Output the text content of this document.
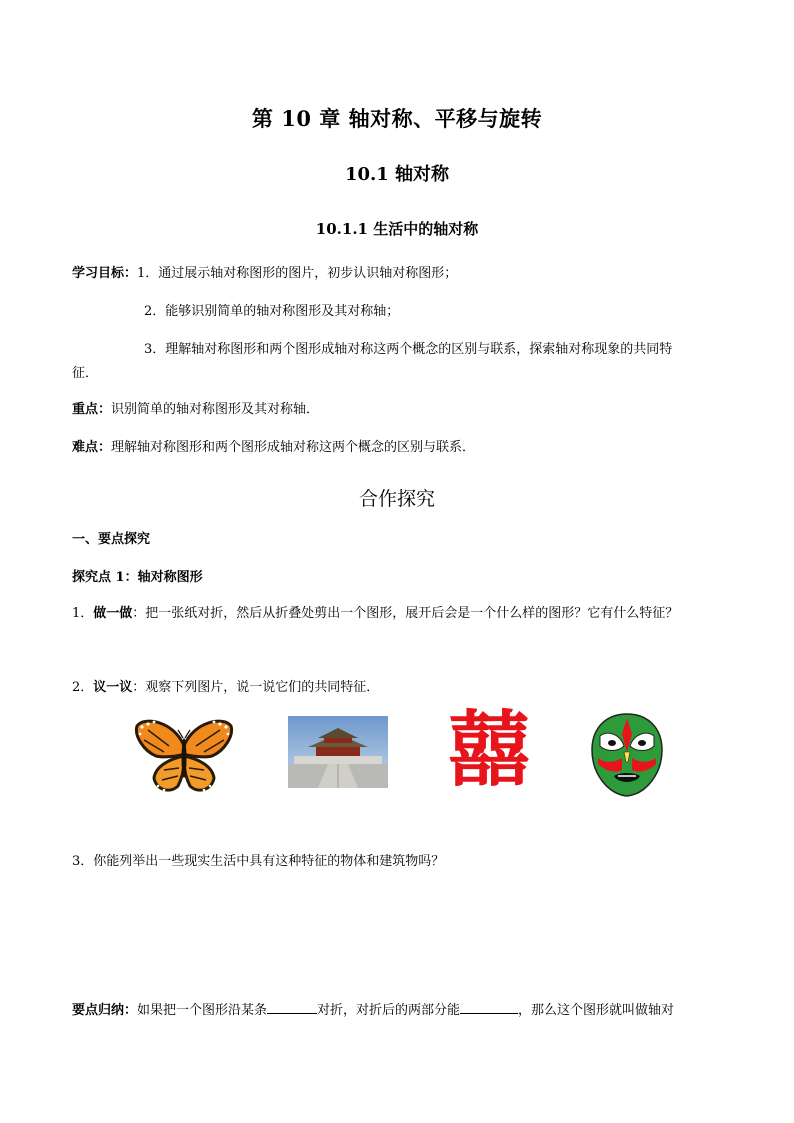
第 10 章 轴对称、平移与旋转
10.1 轴对称
10.1.1 生活中的轴对称
学习目标：1．通过展示轴对称图形的图片，初步认识轴对称图形；
2．能够识别简单的轴对称图形及其对称轴；
3．理解轴对称图形和两个图形成轴对称这两个概念的区别与联系，探索轴对称现象的共同特
征．
重点：识别简单的轴对称图形及其对称轴．
难点：理解轴对称图形和两个图形成轴对称这两个概念的区别与联系．
合作探究
一、要点探究
探究点 1：轴对称图形
1．做一做：把一张纸对折，然后从折叠处剪出一个图形，展开后会是一个什么样的图形？它有什么特征？
2．议一议：观察下列图片，说一说它们的共同特征．
囍
3．你能列举出一些现实生活中具有这种特征的物体和建筑物吗？
要点归纳：如果把一个图形沿某条	对折，对折后的两部分能	，那么这个图形就叫做轴对
